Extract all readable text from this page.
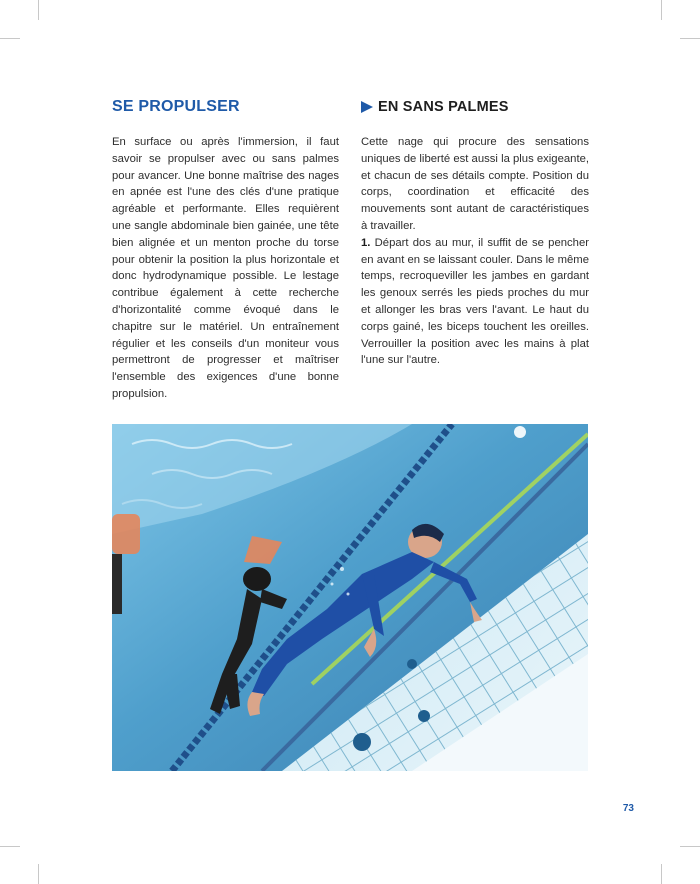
SE PROPULSER

En surface ou après l'immersion, il faut savoir se propulser avec ou sans palmes pour avancer. Une bonne maîtrise des nages en apnée est l'une des clés d'une pratique agréable et performante. Elles requièrent une sangle abdominale bien gainée, une tête bien alignée et un menton proche du torse pour obtenir la position la plus horizontale et donc hydrodynamique possible. Le lestage contribue également à cette recherche d'horizontalité comme évoqué dans le chapitre sur le matériel. Un entraînement régulier et les conseils d'un moniteur vous permettront de progresser et maîtriser l'ensemble des exigences d'une bonne propulsion.

EN SANS PALMES

Cette nage qui procure des sensations uniques de liberté est aussi la plus exigeante, et chacun de ses détails compte. Position du corps, coordination et efficacité des mouvements sont autant de caractéristiques à travailler.
1. Départ dos au mur, il suffit de se pencher en avant en se laissant couler. Dans le même temps, recroqueviller les jambes en gardant les genoux serrés les pieds proches du mur et allonger les bras vers l'avant. Le haut du corps gainé, les biceps touchent les oreilles. Verrouiller la position avec les mains à plat l'une sur l'autre.

73
